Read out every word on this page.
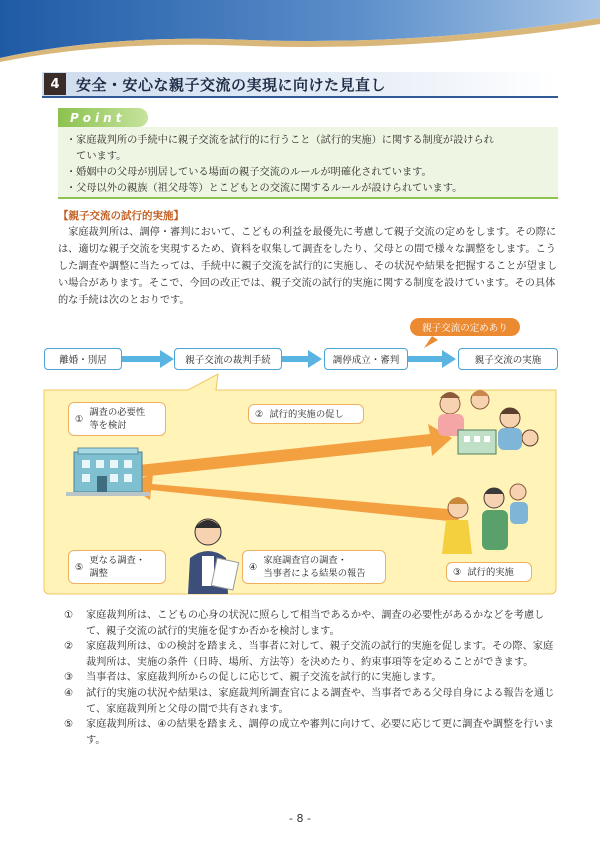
4	安全・安心な親子交流の実現に向けた見直し
Point

・家庭裁判所の手続中に親子交流を試行的に行うこと（試行的実施）に関する制度が設けられ

　ています。

・婚姻中の父母が別居している場面の親子交流のルールが明確化されています。

・父母以外の親族（祖父母等）とこどもとの交流に関するルールが設けられています。

【親子交流の試行的実施】
家庭裁判所は、調停・審判において、こどもの利益を最優先に考慮して親子交流の定めをします。その際には、適切な親子交流を実現するため、資料を収集して調査をしたり、父母との間で様々な調整をします。こうした調査や調整に当たっては、手続中に親子交流を試行的に実施し、その状況や結果を把握することが望ましい場合があります。そこで、今回の改正では、親子交流の試行的実施に関する制度を設けています。その具体的な手続は次のとおりです。
親子交流の定めあり
離婚・別居	親子交流の裁判手続	調停成立・審判	親子交流の実施
①
調査の必要性
等を検討
② 試行的実施の促し
③ 試行的実施
④
家庭調査官の調査・
当事者による結果の報告
⑤
更なる調査・
調整
①	家庭裁判所は、こどもの心身の状況に照らして相当であるかや、調査の必要性があるかなどを考慮して、親子交流の試行的実施を促すか否かを検討します。
②	家庭裁判所は、①の検討を踏まえ、当事者に対して、親子交流の試行的実施を促します。その際、家庭裁判所は、実施の条件（日時、場所、方法等）を決めたり、約束事項等を定めることができます。
③	当事者は、家庭裁判所からの促しに応じて、親子交流を試行的に実施します。
④	試行的実施の状況や結果は、家庭裁判所調査官による調査や、当事者である父母自身による報告を通じて、家庭裁判所と父母の間で共有されます。
⑤	家庭裁判所は、④の結果を踏まえ、調停の成立や審判に向けて、必要に応じて更に調査や調整を行います。
- 8 -
